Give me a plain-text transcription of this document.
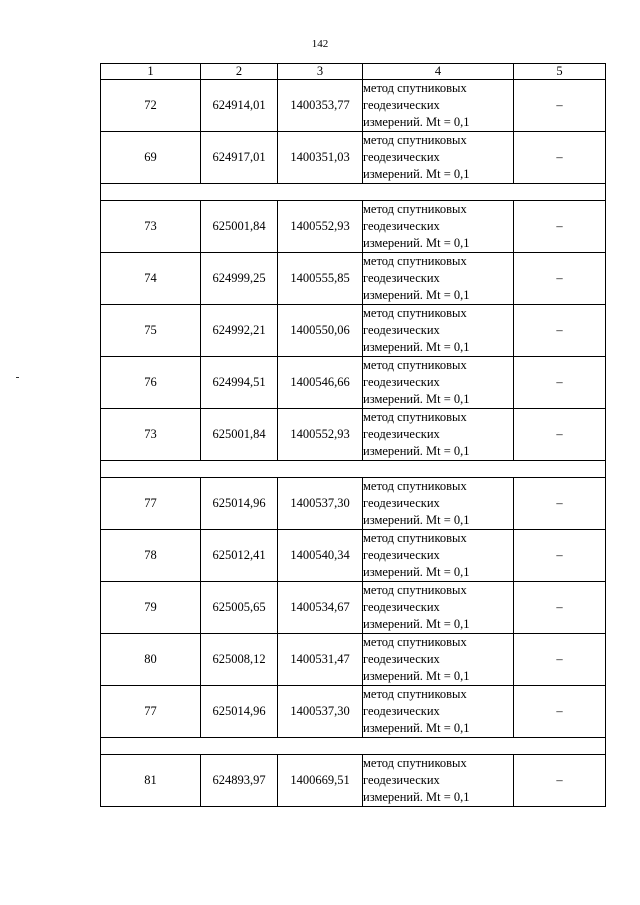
142
1	2	3	4	5
72	624914,01	1400353,77	метод спутниковых
геодезических
измерений. Mt = 0,1	–
69	624917,01	1400351,03	метод спутниковых
геодезических
измерений. Mt = 0,1	–

73	625001,84	1400552,93	метод спутниковых
геодезических
измерений. Mt = 0,1	–
74	624999,25	1400555,85	метод спутниковых
геодезических
измерений. Mt = 0,1	–
75	624992,21	1400550,06	метод спутниковых
геодезических
измерений. Mt = 0,1	–
76	624994,51	1400546,66	метод спутниковых
геодезических
измерений. Mt = 0,1	–
73	625001,84	1400552,93	метод спутниковых
геодезических
измерений. Mt = 0,1	–

77	625014,96	1400537,30	метод спутниковых
геодезических
измерений. Mt = 0,1	–
78	625012,41	1400540,34	метод спутниковых
геодезических
измерений. Mt = 0,1	–
79	625005,65	1400534,67	метод спутниковых
геодезических
измерений. Mt = 0,1	–
80	625008,12	1400531,47	метод спутниковых
геодезических
измерений. Mt = 0,1	–
77	625014,96	1400537,30	метод спутниковых
геодезических
измерений. Mt = 0,1	–

81	624893,97	1400669,51	метод спутниковых
геодезических
измерений. Mt = 0,1	–
